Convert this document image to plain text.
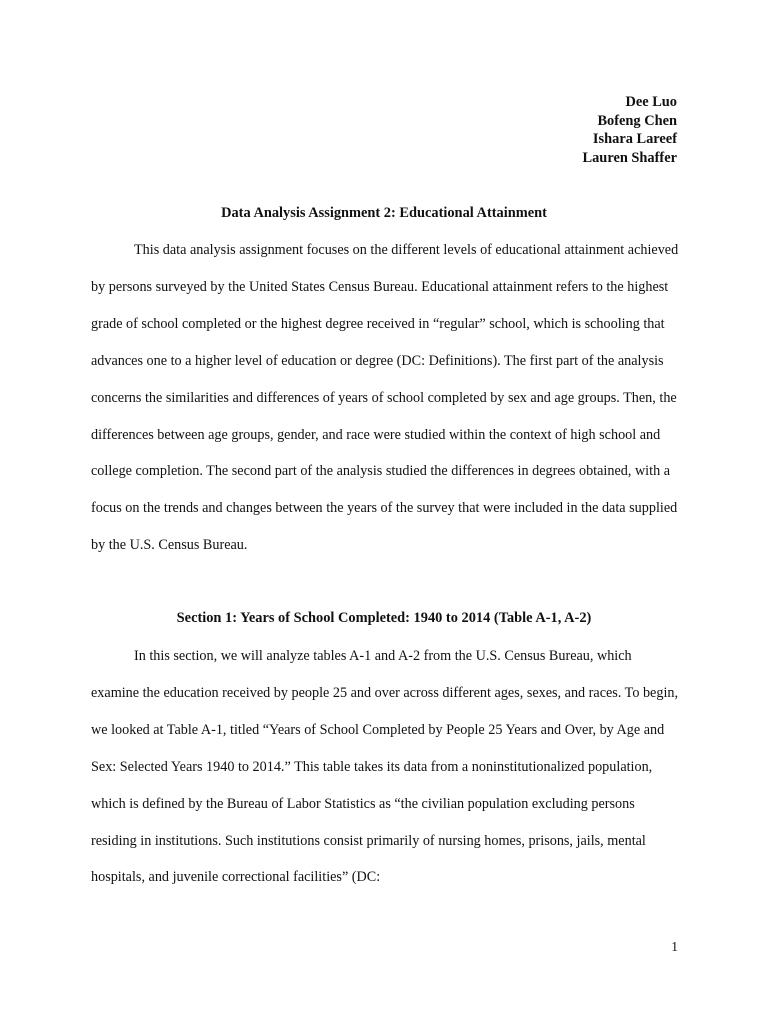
Dee Luo
Bofeng Chen
Ishara Lareef
Lauren Shaffer
Data Analysis Assignment 2: Educational Attainment

This data analysis assignment focuses on the different levels of educational attainment achieved by persons surveyed by the United States Census Bureau. Educational attainment refers to the highest grade of school completed or the highest degree received in “regular” school, which is schooling that advances one to a higher level of education or degree (DC: Definitions). The first part of the analysis concerns the similarities and differences of years of school completed by sex and age groups. Then, the differences between age groups, gender, and race were studied within the context of high school and college completion. The second part of the analysis studied the differences in degrees obtained, with a focus on the trends and changes between the years of the survey that were included in the data supplied by the U.S. Census Bureau.

Section 1: Years of School Completed: 1940 to 2014 (Table A-1, A-2)

In this section, we will analyze tables A-1 and A-2 from the U.S. Census Bureau, which examine the education received by people 25 and over across different ages, sexes, and races. To begin, we looked at Table A-1, titled “Years of School Completed by People 25 Years and Over, by Age and Sex: Selected Years 1940 to 2014.” This table takes its data from a noninstitutionalized population, which is defined by the Bureau of Labor Statistics as “the civilian population excluding persons residing in institutions. Such institutions consist primarily of nursing homes, prisons, jails, mental hospitals, and juvenile correctional facilities” (DC:

1
